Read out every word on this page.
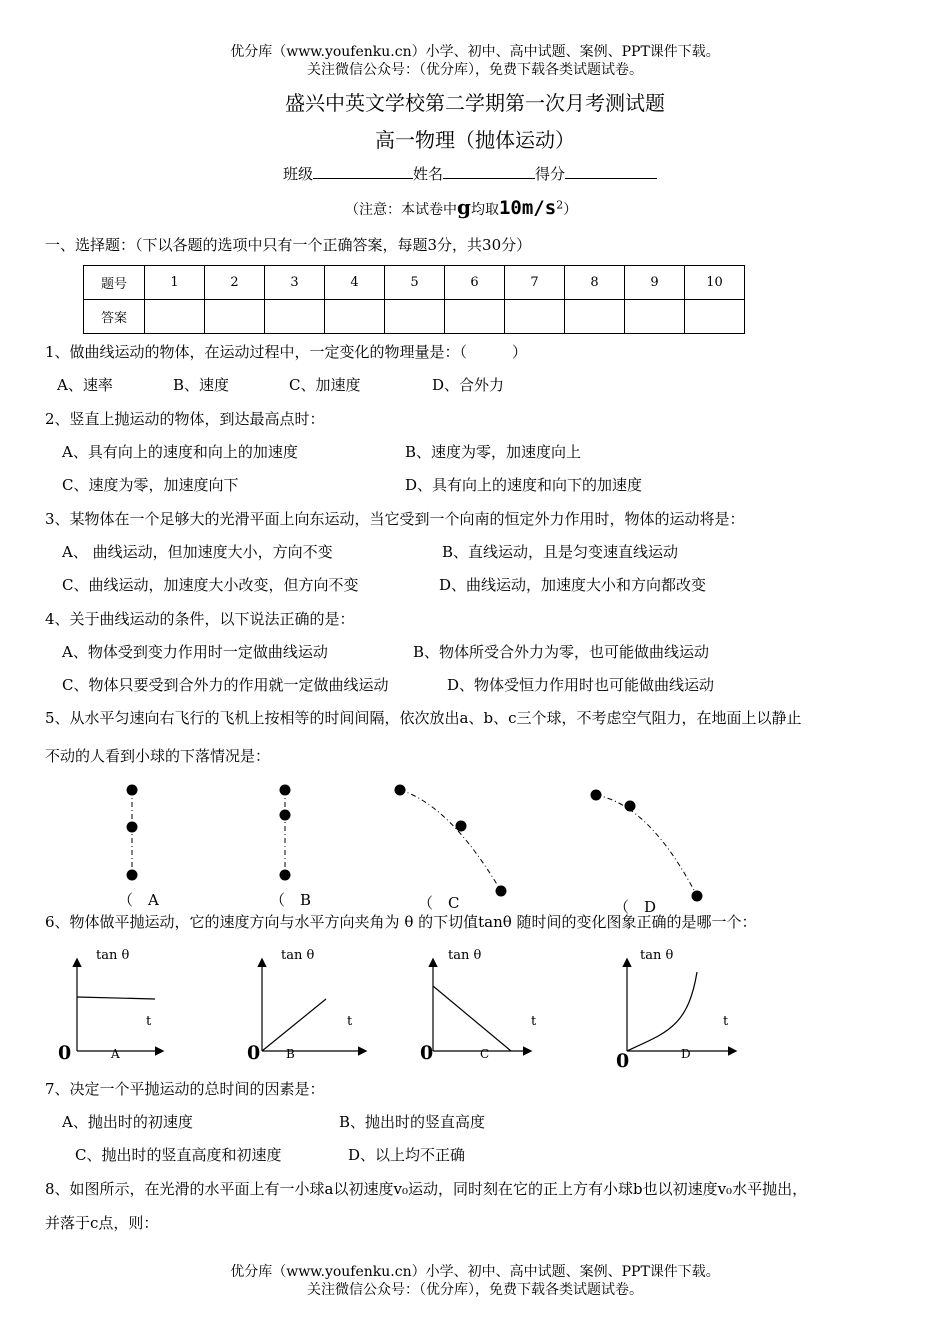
优分库（www.youfenku.cn）小学、初中、高中试题、案例、PPT课件下载。
关注微信公众号：（优分库），免费下载各类试题试卷。
盛兴中英文学校第二学期第一次月考测试题
高一物理（抛体运动）
班级	姓名	得分
（注意：本试卷中g均取$10m/s^2$）
一、选择题：（下以各题的选项中只有一个正确答案，每题3分，共30分）
题号	1	2	3	4	5	6	7	8	9	10
答案										
1、做曲线运动的物体，在运动过程中，一定变化的物理量是：（　　　）
A、速率	B、速度	C、加速度	D、合外力
2、竖直上抛运动的物体，到达最高点时：
A、具有向上的速度和向上的加速度	B、速度为零，加速度向上
C、速度为零，加速度向下	D、具有向上的速度和向下的加速度
3、某物体在一个足够大的光滑平面上向东运动，当它受到一个向南的恒定外力作用时，物体的运动将是：
A、 曲线运动，但加速度大小，方向不变	B、直线运动，且是匀变速直线运动
C、曲线运动，加速度大小改变，但方向不变	D、曲线运动，加速度大小和方向都改变
4、关于曲线运动的条件，以下说法正确的是：
A、物体受到变力作用时一定做曲线运动	B、物体所受合外力为零，也可能做曲线运动
C、物体只要受到合外力的作用就一定做曲线运动	D、物体受恒力作用时也可能做曲线运动
5、从水平匀速向右飞行的飞机上按相等的时间间隔，依次放出a、b、c三个球，不考虑空气阻力，在地面上以静止
不动的人看到小球的下落情况是：
（　A	（　B	（　C	（　D
6、物体做平抛运动，它的速度方向与水平方向夹角为 θ 的下切值tanθ 随时间的变化图象正确的是哪一个：
tan θ
t
0	A
tan θ
t
0 B
tan θ
t
0	C
tan θ
t
0	D
7、决定一个平抛运动的总时间的因素是：
A、抛出时的初速度	B、抛出时的竖直高度
C、抛出时的竖直高度和初速度	D、以上均不正确
8、如图所示，在光滑的水平面上有一小球a以初速度v₀运动，同时刻在它的正上方有小球b也以初速度v₀水平抛出，
并落于c点，则：
优分库（www.youfenku.cn）小学、初中、高中试题、案例、PPT课件下载。
关注微信公众号：（优分库），免费下载各类试题试卷。
